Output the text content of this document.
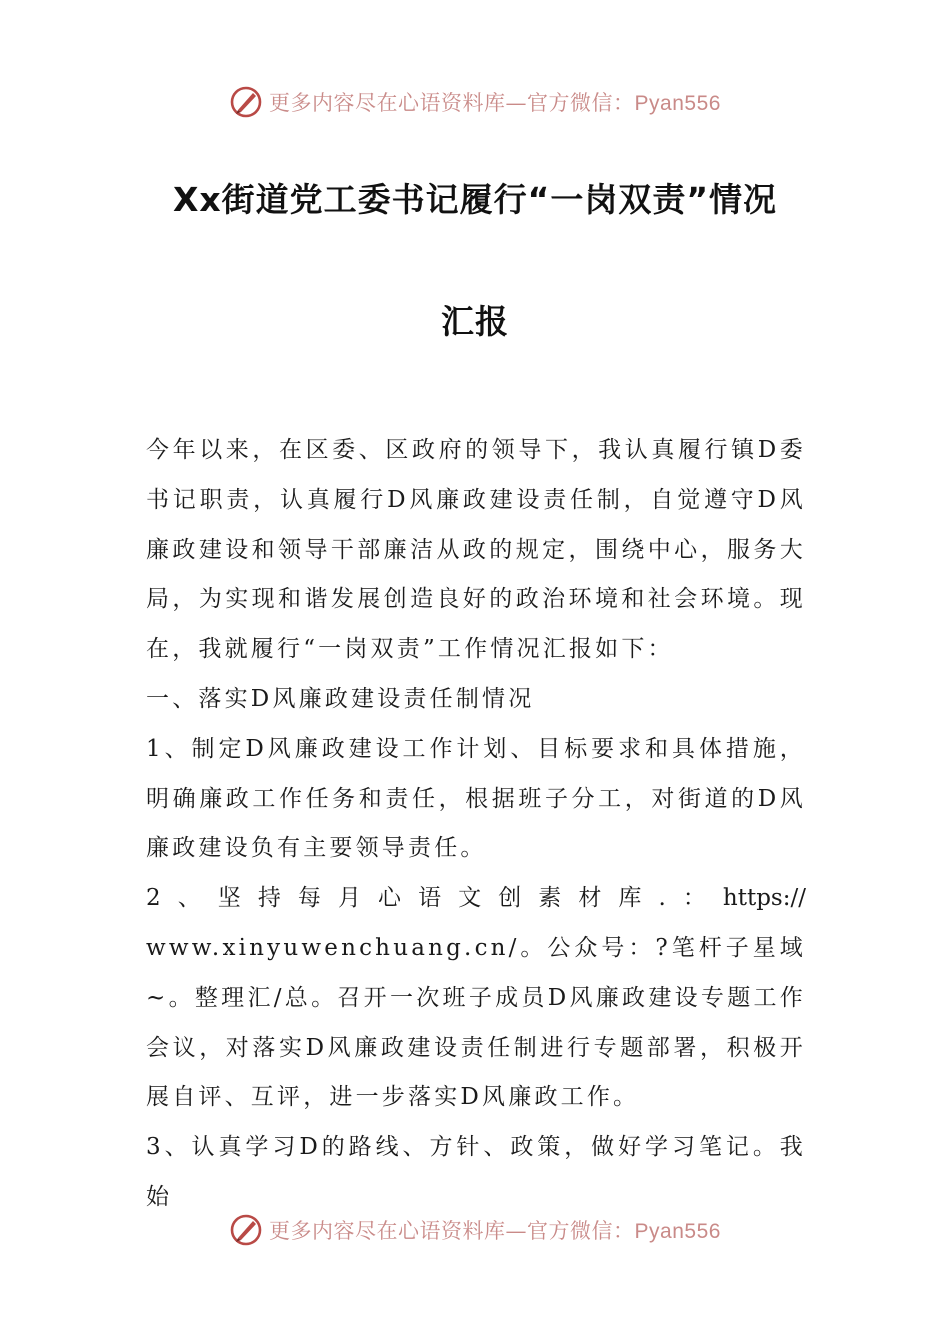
更多内容尽在心语资料库—官方微信：Pyan556
Xx街道党工委书记履行“一岗双责”情况
汇报

今年以来，在区委、区政府的领导下，我认真履行镇D委书记职责，认真履行D风廉政建设责任制，自觉遵守D风廉政建设和领导干部廉洁从政的规定，围绕中心，服务大局，为实现和谐发展创造良好的政治环境和社会环境。现在，我就履行“一岗双责”工作情况汇报如下：

一、落实D风廉政建设责任制情况

1、制定D风廉政建设工作计划、目标要求和具体措施，明确廉政工作任务和责任，根据班子分工，对街道的D风廉政建设负有主要领导责任。

2、坚持每月心语文创素材库.：https://

www.xinyuwenchuang.cn/。公众号：?笔杆子星域~。整理汇/总。召开一次班子成员D风廉政建设专题工作会议，对落实D风廉政建设责任制进行专题部署，积极开展自评、互评，进一步落实D风廉政工作。

3、认真学习D的路线、方针、政策，做好学习笔记。我始

更多内容尽在心语资料库—官方微信：Pyan556
